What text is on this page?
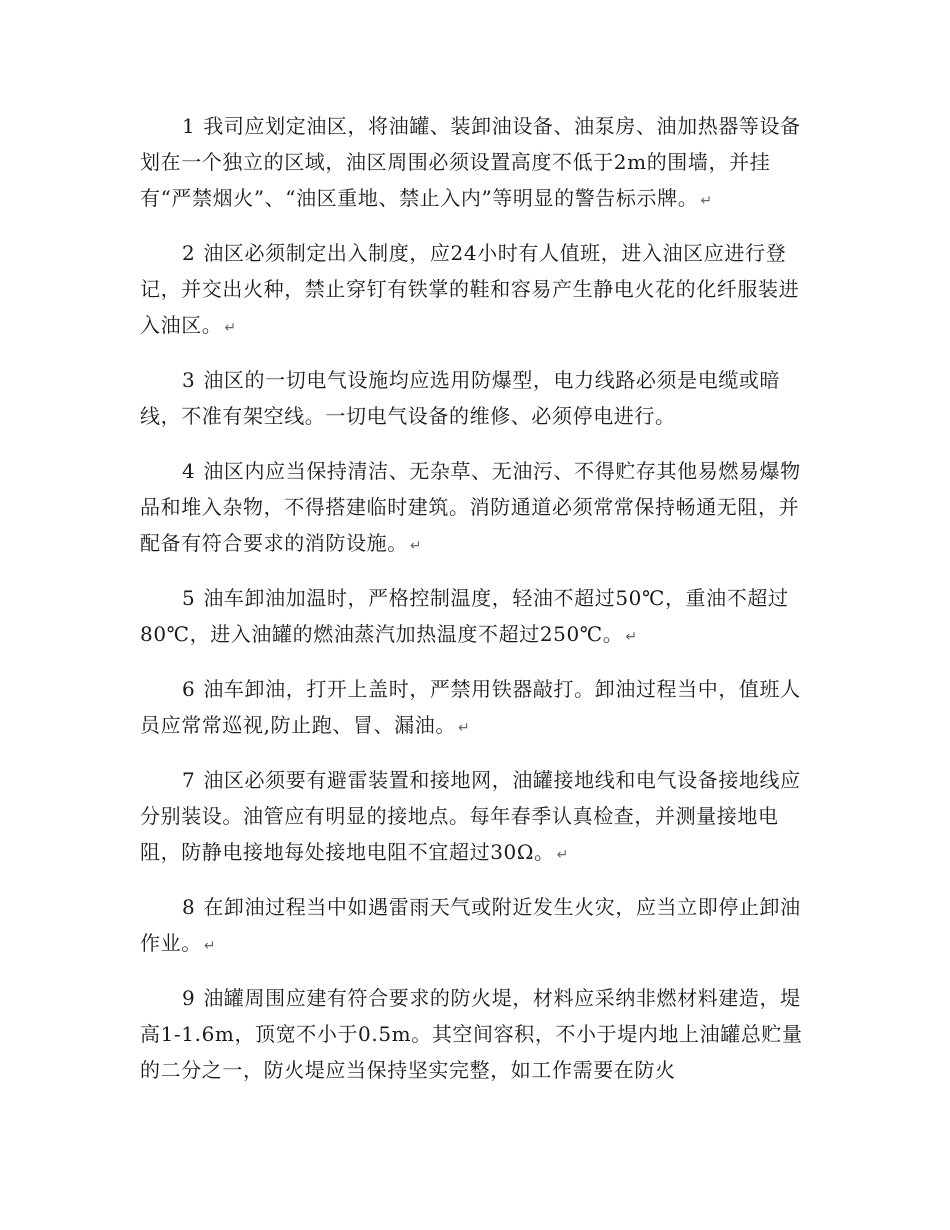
1 我司应划定油区，将油罐、装卸油设备、油泵房、油加热器等设备划在一个独立的区域，油区周围必须设置高度不低于2m的围墙，并挂有“严禁烟火”、“油区重地、禁止入内”等明显的警告标示牌。 ↵

2 油区必须制定出入制度，应24小时有人值班，进入油区应进行登记，并交出火种，禁止穿钉有铁掌的鞋和容易产生静电火花的化纤服装进入油区。 ↵

3 油区的一切电气设施均应选用防爆型，电力线路必须是电缆或暗线，不准有架空线。一切电气设备的维修、必须停电进行。

4 油区内应当保持清洁、无杂草、无油污、不得贮存其他易燃易爆物品和堆入杂物，不得搭建临时建筑。消防通道必须常常保持畅通无阻，并配备有符合要求的消防设施。 ↵

5 油车卸油加温时，严格控制温度，轻油不超过50℃，重油不超过80℃，进入油罐的燃油蒸汽加热温度不超过250℃。 ↵

6 油车卸油，打开上盖时，严禁用铁器敲打。卸油过程当中，值班人员应常常巡视,防止跑、冒、漏油。 ↵

7 油区必须要有避雷装置和接地网，油罐接地线和电气设备接地线应分别装设。油管应有明显的接地点。每年春季认真检查，并测量接地电阻，防静电接地每处接地电阻不宜超过30Ω。 ↵

8 在卸油过程当中如遇雷雨天气或附近发生火灾，应当立即停止卸油作业。 ↵

9 油罐周围应建有符合要求的防火堤，材料应采纳非燃材料建造，堤高1-1.6m，顶宽不小于0.5m。其空间容积，不小于堤内地上油罐总贮量的二分之一，防火堤应当保持坚实完整，如工作需要在防火
